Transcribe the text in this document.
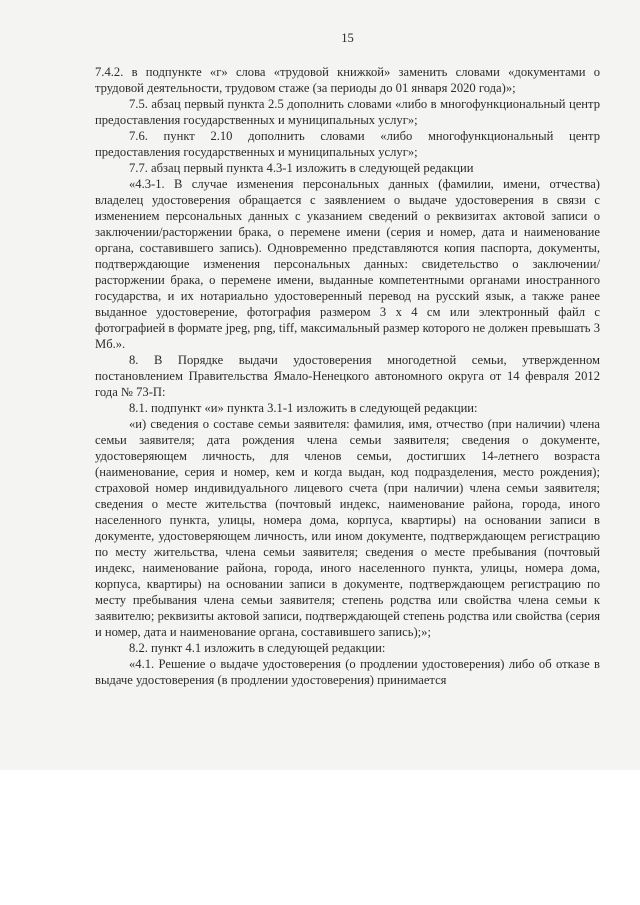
15

7.4.2. в подпункте «г» слова «трудовой книжкой» заменить словами «документами о трудовой деятельности, трудовом стаже (за периоды до 01 января 2020 года)»;

7.5. абзац первый пункта 2.5 дополнить словами «либо в многофункциональный центр предоставления государственных и муниципальных услуг»;

7.6. пункт 2.10 дополнить словами «либо многофункциональный центр предоставления государственных и муниципальных услуг»;

7.7. абзац первый пункта 4.3-1 изложить в следующей редакции

«4.3-1. В случае изменения персональных данных (фамилии, имени, отчества) владелец удостоверения обращается с заявлением о выдаче удостоверения в связи с изменением персональных данных с указанием сведений о реквизитах актовой записи о заключении/расторжении брака, о перемене имени (серия и номер, дата и наименование органа, составившего запись). Одновременно представляются копия паспорта, документы, подтверждающие изменения персональных данных: свидетельство о заключении/расторжении брака, о перемене имени, выданные компетентными органами иностранного государства, и их нотариально удостоверенный перевод на русский язык, а также ранее выданное удостоверение, фотография размером 3 х 4 см или электронный файл с фотографией в формате jpeg, png, tiff, максимальный размер которого не должен превышать 3 Мб.».

8. В Порядке выдачи удостоверения многодетной семьи, утвержденном постановлением Правительства Ямало-Ненецкого автономного округа от 14 февраля 2012 года № 73-П:

8.1. подпункт «и» пункта 3.1-1 изложить в следующей редакции:

«и) сведения о составе семьи заявителя: фамилия, имя, отчество (при наличии) члена семьи заявителя; дата рождения члена семьи заявителя; сведения о документе, удостоверяющем личность, для членов семьи, достигших 14-летнего возраста (наименование, серия и номер, кем и когда выдан, код подразделения, место рождения); страховой номер индивидуального лицевого счета (при наличии) члена семьи заявителя; сведения о месте жительства (почтовый индекс, наименование района, города, иного населенного пункта, улицы, номера дома, корпуса, квартиры) на основании записи в документе, удостоверяющем личность, или ином документе, подтверждающем регистрацию по месту жительства, члена семьи заявителя; сведения о месте пребывания (почтовый индекс, наименование района, города, иного населенного пункта, улицы, номера дома, корпуса, квартиры) на основании записи в документе, подтверждающем регистрацию по месту пребывания члена семьи заявителя; степень родства или свойства члена семьи к заявителю; реквизиты актовой записи, подтверждающей степень родства или свойства (серия и номер, дата и наименование органа, составившего запись);»;

8.2. пункт 4.1 изложить в следующей редакции:

«4.1. Решение о выдаче удостоверения (о продлении удостоверения) либо об отказе в выдаче удостоверения (в продлении удостоверения) принимается
